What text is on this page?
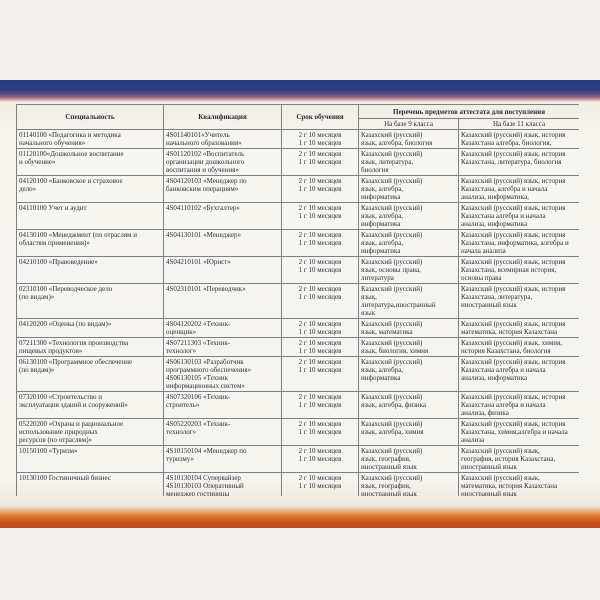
Специальность	Квалификация	Срок обучения	Перечень предметов аттестата для поступления	
			На базе 9 класса	На базе 11 класса

01140100 «Педагогика и методика
начального обучения»	4S01140101«Учитель
начального образования»	2 г 10 месяцев
1 г 10 месяцев	Казахский (русский)
язык, алгебра, биология	Казахский (русский) язык, история
Казахстана алгебра, биология,

01120100«Дошкольное воспитание
и обучение»	4S01120102 «Воспитатель
организации дошкольного
воспитания и обучения»	2 г 10 месяцев
1 г 10 месяцев	Казахский (русский)
язык, литература,
биология	Казахский (русский) язык, история
Казахстана, литература, биология

04120100 «Банковское и страховое
дело»	4S04120103 «Менеджер по
банковским операциям»	2 г 10 месяцев
1 г 10 месяцев	Казахский (русский)
язык, алгебра,
информатика	Казахский (русский) язык, история
Казахстана, алгебра и начала
анализа, информатика,

04110100 Учет и аудит	4S04110102 «Бухгалтер»	2 г 10 месяцев
1 г 10 месяцев	Казахский (русский)
язык, алгебра,
информатика	Казахский (русский) язык, история
Казахстана алгебра и начала
анализа, информатика

04130100 «Менеджмент (по отраслям и
областям применения)»	4S04130101 «Менеджер»	2 г 10 месяцев
1 г 10 месяцев	Казахский (русский)
язык, алгебра,
информатика	Казахский (русский) язык, история
Казахстана, информатика, алгебра и
начала анализа

04210100 «Правоведение»	4S04210101 «Юрист»	2 г 10 месяцев
1 г 10 месяцев	Казахский (русский)
язык, основы права,
литература	Казахский (русский) язык, история
Казахстана, всемирная история,
основы права

02310100 «Переводческое дело
(по видам)»	4S02310101 «Переводчик»	2 г 10 месяцев
1 г 10 месяцев	Казахский (русский)
язык,
литература,иностранный
язык	Казахский (русский) язык, история
Казахстана, литература,
иностранный язык

04120200 «Оценка (по видам)»	4S04120202 «Техник-
оценщик»	2 г 10 месяцев
1 г 10 месяцев	Казахский (русский)
язык, математика	Казахский (русский) язык, история
математика, история Казахстана

07211300 «Технология производства
пищевых продуктов»	4S07211303 «Техник-
технолог»	2 г 10 месяцев
1 г 10 месяцев	Казахский (русский)
язык, биология, химия	Казахский (русский) язык, химия,
история Казахстана, биология

06130100 «Программное обеспечение
(по видам)»	4S06130103 «Разработчик
программного обеспечения»
4S06130105 «Техник
информационных систем»	2 г 10 месяцев
1 г 10 месяцев	Казахский (русский)
язык, алгебра,
информатика	Казахский (русский) язык, история
Казахстана алгебра и начала
анализа, информатика

07320100 «Строительство и
эксплуатация зданий и сооружений»	4S07320106 «Техник-
строитель»	2 г 10 месяцев
1 г 10 месяцев	Казахский (русский)
язык, алгебра, физика	Казахский (русский) язык, история
Казахстана алгебра и начала
анализа, физика

05220200 «Охрана и рациональное
использование природных
ресурсов (по отраслям)»	4S05220203 «Техник-
технолог»	2 г 10 месяцев
1 г 10 месяцев	Казахский (русский)
язык, алгебра, химия	Казахский (русский) язык, история
Казахстана, химия,алгебра и начала
анализа

10150100 «Туризм»	4S10150104 «Менеджер по
туризму»	2 г 10 месяцев
1 г 10 месяцев	Казахский (русский)
язык, география,
иностранный язык	Казахский (русский) язык,
география, история Казахстана,
иностранный язык

10130100 Гостиничный бизнес	4S10130104 Супервайзер
4S10130103 Оперативный
менеджер гостиницы	2 г 10 месяцев
1 г 10 месяцев	Казахский (русский)
язык, география,
иностранный язык	Казахский (русский) язык,
математика, история Казахстана
иностранный язык
